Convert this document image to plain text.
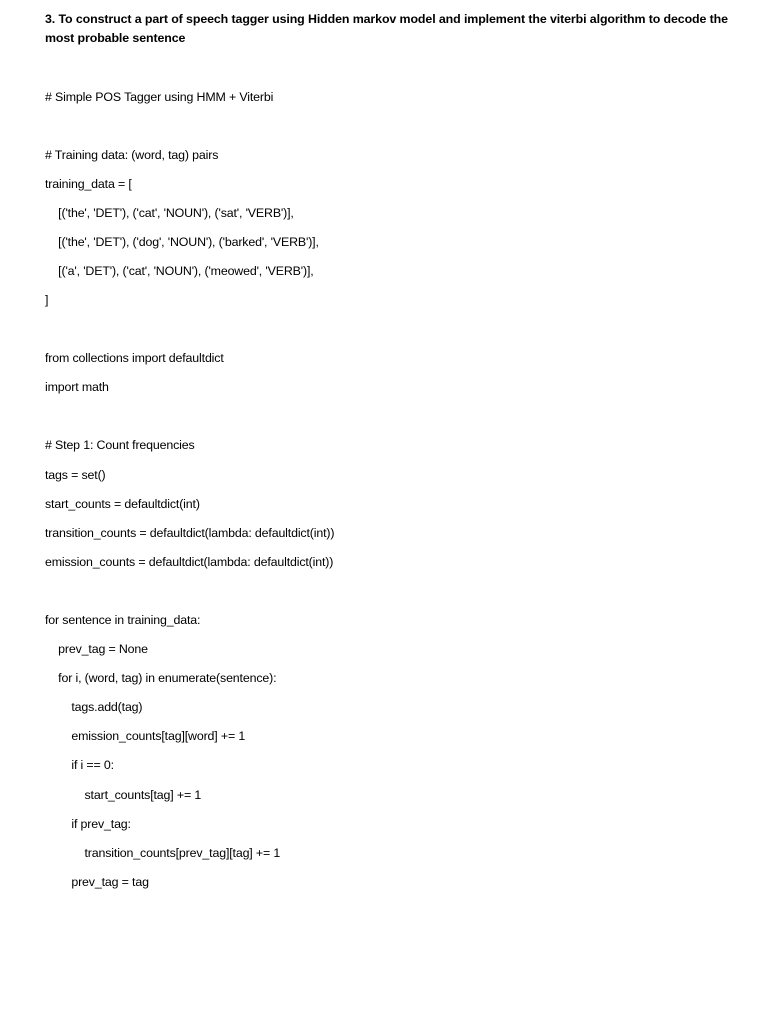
3. To construct a part of speech tagger using Hidden markov model and implement the viterbi algorithm to decode the most probable sentence

# Simple POS Tagger using HMM + Viterbi

# Training data: (word, tag) pairs

training_data = [

[('the', 'DET'), ('cat', 'NOUN'), ('sat', 'VERB')],

[('the', 'DET'), ('dog', 'NOUN'), ('barked', 'VERB')],

[('a', 'DET'), ('cat', 'NOUN'), ('meowed', 'VERB')],

]

from collections import defaultdict

import math

# Step 1: Count frequencies

tags = set()

start_counts = defaultdict(int)

transition_counts = defaultdict(lambda: defaultdict(int))

emission_counts = defaultdict(lambda: defaultdict(int))

for sentence in training_data:

prev_tag = None

for i, (word, tag) in enumerate(sentence):

tags.add(tag)

emission_counts[tag][word] += 1

if i == 0:

start_counts[tag] += 1

if prev_tag:

transition_counts[prev_tag][tag] += 1

prev_tag = tag
